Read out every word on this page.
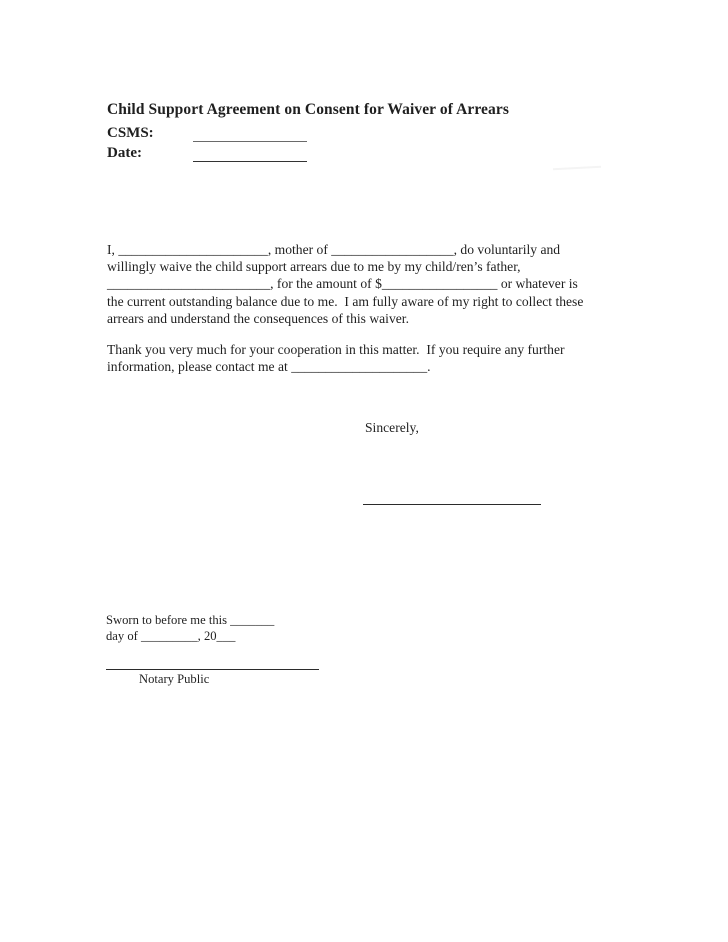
Child Support Agreement on Consent for Waiver of Arrears
CSMS:
Date:
I, ______________________, mother of __________________, do voluntarily and
willingly waive the child support arrears due to me by my child/ren’s father,
________________________, for the amount of $_________________ or whatever is
the current outstanding balance due to me.  I am fully aware of my right to collect these
arrears and understand the consequences of this waiver.
Thank you very much for your cooperation in this matter.  If you require any further
information, please contact me at ____________________.
Sincerely,
Sworn to before me this _______
day of _________, 20___
Notary Public
